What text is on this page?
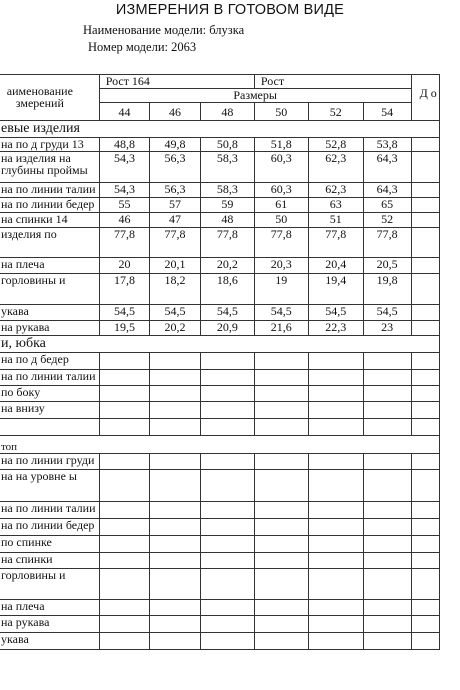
ИЗМЕРЕНИЯ В ГОТОВОМ ВИДЕ
Наименование модели: блузка
Номер модели: 2063
аименование змерений	Рост 164			Рост			Д о
	Размеры						
	44	46	48	50	52	54	
евые изделия							
на по д груди 13	48,8	49,8	50,8	51,8	52,8	53,8	
на изделия на глубины проймы	54,3	56,3	58,3	60,3	62,3	64,3	
на по линии талии	54,3	56,3	58,3	60,3	62,3	64,3	
на по линии бедер	55	57	59	61	63	65	
на спинки 14	46	47	48	50	51	52	
изделия по	77,8	77,8	77,8	77,8	77,8	77,8	
на плеча	20	20,1	20,2	20,3	20,4	20,5	
горловины и	17,8	18,2	18,6	19	19,4	19,8	
укава	54,5	54,5	54,5	54,5	54,5	54,5	
на рукава	19,5	20,2	20,9	21,6	22,3	23	
и, юбка							
на по д бедер							
на по линии талии							
по боку							
на внизу							

топ							
на по линии груди							
на на уровне ы							
на по линии талии							
на по линии бедер							
по спинке							
на спинки							
горловины и							
на плеча							
на рукава							
укава							
